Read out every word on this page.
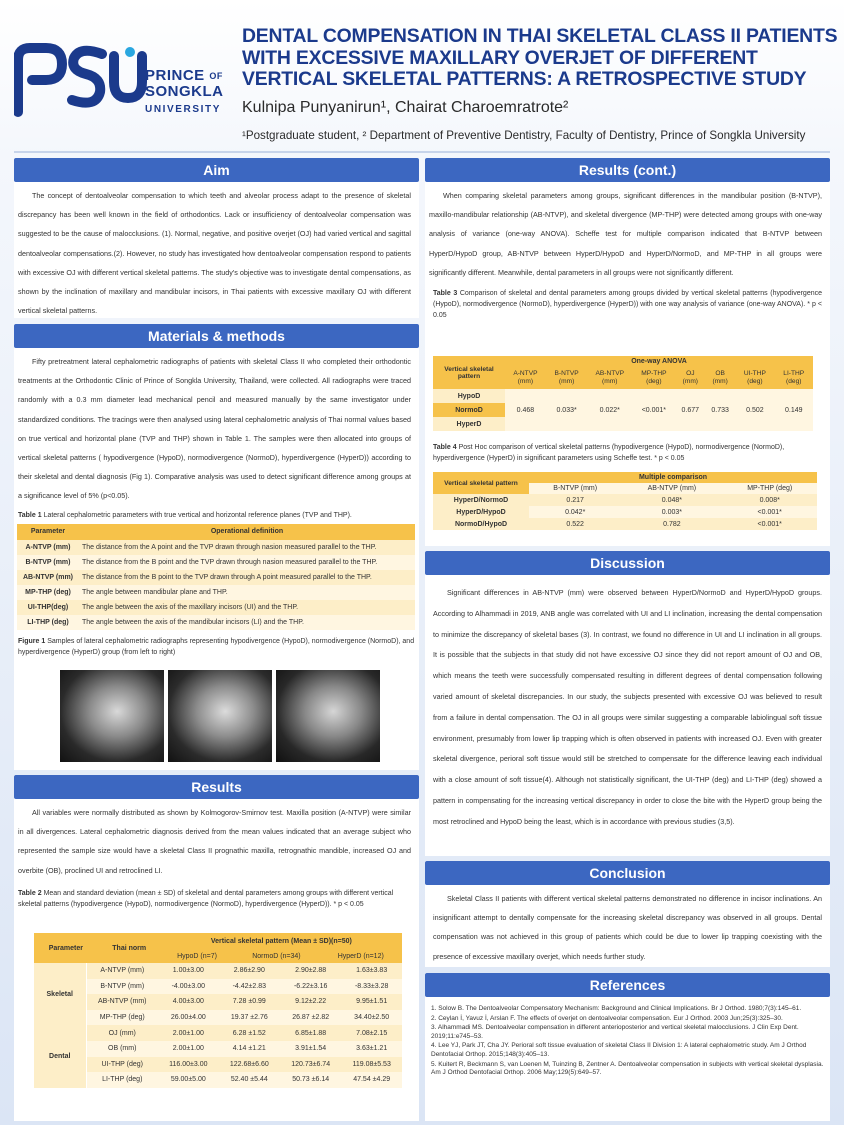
PRINCE $^{OF}$
SONGKLA
UNIVERSITY
DENTAL COMPENSATION IN THAI SKELETAL CLASS II PATIENTS WITH EXCESSIVE MAXILLARY OVERJET OF DIFFERENT VERTICAL SKELETAL PATTERNS: A RETROSPECTIVE STUDY
Kulnipa Punyanirun¹, Chairat Charoemratrote²
¹Postgraduate student, ² Department of Preventive Dentistry, Faculty of Dentistry, Prince of Songkla University
Aim

The concept of dentoalveolar compensation to which teeth and alveolar process adapt to the presence of skeletal discrepancy has been well known in the field of orthodontics. Lack or insufficiency of dentoalveolar compensation was suggested to be the cause of malocclusions. (1). Normal, negative, and positive overjet (OJ) had varied vertical and sagittal dentoalveolar compensations.(2). However, no study has investigated how dentoalveolar compensation respond to patients with excessive OJ with different vertical skeletal patterns. The study's objective was to investigate dental compensations, as shown by the inclination of maxillary and mandibular incisors, in Thai patients with excessive maxillary OJ with different vertical skeletal patterns.

Materials & methods

Fifty pretreatment lateral cephalometric radiographs of patients with skeletal Class II who completed their orthodontic treatments at the Orthodontic Clinic of Prince of Songkla University, Thailand, were collected. All radiographs were traced randomly with a 0.3 mm diameter lead mechanical pencil and measured manually by the same investigator under standardized conditions. The tracings were then analysed using lateral cephalometric analysis of Thai normal values based on true vertical and horizontal plane (TVP and THP) shown in Table 1. The samples were then allocated into groups of vertical skeletal patterns ( hypodivergence (HypoD), normodivergence (NormoD), hyperdivergence (HyperD)) according to their skeletal and dental diagnosis (Fig 1). Comparative analysis was used to detect significant difference among groups at a significance level of 5% (p<0.05).

Table 1 Lateral cephalometric parameters with true vertical and horizontal reference planes (TVP and THP).
Parameter	Operational definition
A-NTVP (mm)	The distance from the A point and the TVP drawn through nasion measured parallel to the THP.
B-NTVP (mm)	The distance from the B point and the TVP drawn through nasion measured parallel to the THP.
AB-NTVP (mm)	The distance from the B point to the TVP drawn through A point measured parallel to the THP.
MP-THP (deg)	The angle between mandibular plane and THP.
UI-THP(deg)	The angle between the axis of the maxillary incisors (UI) and the THP.
LI-THP (deg)	The angle between the axis of the mandibular incisors (LI) and the THP.
Figure 1 Samples of lateral cephalometric radiographs representing hypodivergence (HypoD), normodivergence (NormoD), and hyperdivergence (HyperD) group (from left to right)
Results

All variables were normally distributed as shown by Kolmogorov-Smirnov test. Maxilla position (A-NTVP) were similar in all divergences. Lateral cephalometric diagnosis derived from the mean values indicated that an average subject who represented the sample size would have a skeletal Class II prognathic maxilla, retrognathic mandible, increased OJ and overbite (OB), proclined UI and retroclined LI.

Table 2 Mean and standard deviation (mean ± SD) of skeletal and dental parameters among groups with different vertical skeletal patterns (hypodivergence (HypoD), normodivergence (NormoD), hyperdivergence (HyperD)). * p < 0.05
Parameter	Thai norm	Vertical skeletal pattern (Mean ± SD)(n=50)		
		HypoD (n=7)	NormoD (n=34)	HyperD (n=12)
Skeletal	A-NTVP (mm)	1.00±3.00	2.86±2.90	2.90±2.88	1.63±3.83
	B-NTVP (mm)	-4.00±3.00	-4.42±2.83	-6.22±3.16	-8.33±3.28
	AB-NTVP (mm)	4.00±3.00	7.28 ±0.99	9.12±2.22	9.95±1.51
	MP-THP (deg)	26.00±4.00	19.37 ±2.76	26.87 ±2.82	34.40±2.50
Dental	OJ (mm)	2.00±1.00	6.28 ±1.52	6.85±1.88	7.08±2.15
	OB (mm)	2.00±1.00	4.14 ±1.21	3.91±1.54	3.63±1.21
	UI-THP (deg)	116.00±3.00	122.68±6.60	120.73±6.74	119.08±5.53
	LI-THP (deg)	59.00±5.00	52.40 ±5.44	50.73 ±6.14	47.54 ±4.29
Results (cont.)

When comparing skeletal parameters among groups, significant differences in the mandibular position (B-NTVP), maxillo-mandibular relationship (AB-NTVP), and skeletal divergence (MP-THP) were detected among groups with one-way analysis of variance (one-way ANOVA). Scheffe test for multiple comparison indicated that B-NTVP between HyperD/HypoD group, AB-NTVP between HyperD/HypoD and HyperD/NormoD, and MP-THP in all groups were significantly different. Meanwhile, dental parameters in all groups were not significantly different.

Table 3 Comparison of skeletal and dental parameters among groups divided by vertical skeletal patterns (hypodivergence (HypoD), normodivergence (NormoD), hyperdivergence (HyperD)) with one way analysis of variance (one-way ANOVA). * p < 0.05
Vertical skeletal pattern	One-way ANOVA							
	A-NTVP (mm)	B-NTVP (mm)	AB-NTVP (mm)	MP-THP (deg)	OJ (mm)	OB (mm)	UI-THP (deg)	LI-THP (deg)
HypoD	0.468	0.033*	0.022*	<0.001*	0.677	0.733	0.502	0.149
NormoD								
HyperD								
Table 4 Post Hoc comparison of vertical skeletal patterns (hypodivergence (HypoD), normodivergence (NormoD), hyperdivergence (HyperD) in significant parameters using Scheffe test. * p < 0.05
Vertical skeletal pattern	Multiple comparison		
	B-NTVP (mm)	AB-NTVP (mm)	MP-THP (deg)
HyperD/NormoD	0.217	0.048*	0.008*
HyperD/HypoD	0.042*	0.003*	<0.001*
NormoD/HypoD	0.522	0.782	<0.001*
Discussion

Significant differences in AB-NTVP (mm) were observed between HyperD/NormoD and HyperD/HypoD groups. According to Alhammadi in 2019, ANB angle was correlated with UI and LI inclination, increasing the dental compensation to minimize the discrepancy of skeletal bases (3). In contrast, we found no difference in UI and LI inclination in all groups. It is possible that the subjects in that study did not have excessive OJ since they did not report amount of OJ and OB, which means the teeth were successfully compensated resulting in different degrees of dental compensation following varied amount of skeletal discrepancies. In our study, the subjects presented with excessive OJ was believed to result from a failure in dental compensation. The OJ in all groups were similar suggesting a comparable labiolingual soft tissue environment, presumably from lower lip trapping which is often observed in patients with increased OJ. Even with greater skeletal divergence, perioral soft tissue would still be stretched to compensate for the difference leaving each individual with a close amount of soft tissue(4). Although not statistically significant, the UI-THP (deg) and LI-THP (deg) showed a pattern in compensating for the increasing vertical discrepancy in order to close the bite with the HyperD group being the most retroclined and HypoD being the least, which is in accordance with previous studies (3,5).

Conclusion

Skeletal Class II patients with different vertical skeletal patterns demonstrated no difference in incisor inclinations. An insignificant attempt to dentally compensate for the increasing skeletal discrepancy was observed in all groups. Dental compensation was not achieved in this group of patients which could be due to lower lip trapping coexisting with the presence of excessive maxillary overjet, which needs further study.

References
1. Solow B. The Dentoalveolar Compensatory Mechanism: Background and Clinical Implications. Br J Orthod. 1980;7(3):145–61.
2. Ceylan İ, Yavuz İ, Arslan F. The effects of overjet on dentoalveolar compensation. Eur J Orthod. 2003 Jun;25(3):325–30.
3. Alhammadi MS. Dentoalveolar compensation in different anterioposterior and vertical skeletal malocclusions. J Clin Exp Dent. 2019;11:e745–53.
4. Lee YJ, Park JT, Cha JY. Perioral soft tissue evaluation of skeletal Class II Division 1: A lateral cephalometric study. Am J Orthod Dentofacial Orthop. 2015;148(3):405–13.
5. Kuitert R, Beckmann S, van Loenen M, Tuinzing B, Zentner A. Dentoalveolar compensation in subjects with vertical skeletal dysplasia. Am J Orthod Dentofacial Orthop. 2006 May;129(5):649–57.
